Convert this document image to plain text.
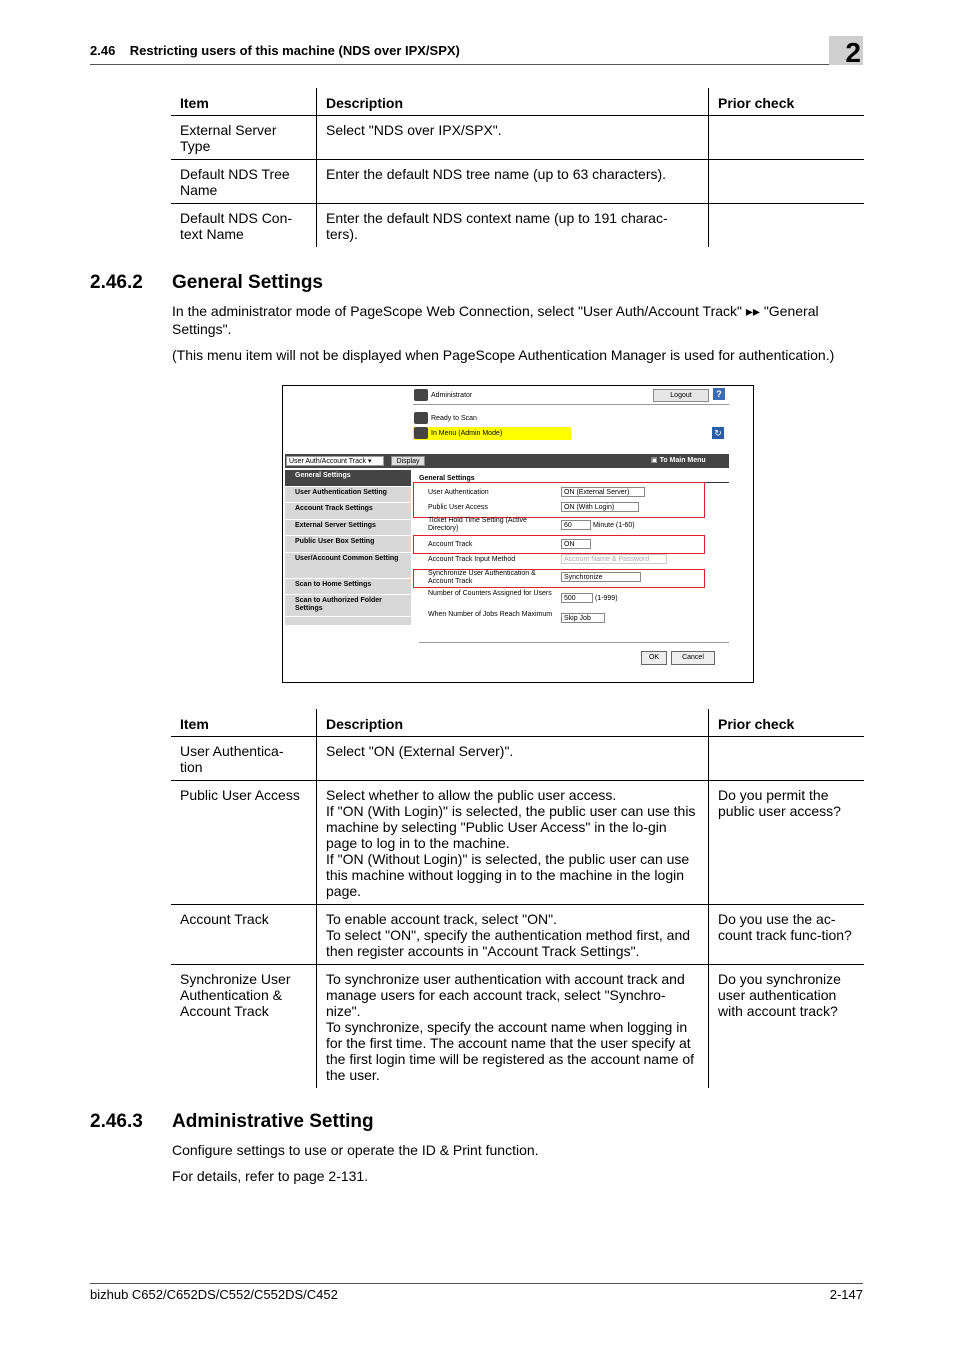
2.46    Restricting users of this machine (NDS over IPX/SPX)	2
Item	Description	Prior check
External Server Type	Select "NDS over IPX/SPX".	
Default NDS Tree Name	Enter the default NDS tree name (up to 63 characters).	
Default NDS Con-
text Name	Enter the default NDS context name (up to 191 charac-
ters).	
2.46.2 General Settings

In the administrator mode of PageScope Web Connection, select "User Auth/Account Track" ▸▸ "General Settings".

(This menu item will not be displayed when PageScope Authentication Manager is used for authentication.)

Administrator	Logout	?
Ready to Scan
In Menu (Admin Mode)	↻
User Auth/Account Track ▾	Display	▣ To Main Menu
General Settings
User Authentication Setting
Account Track Settings
External Server Settings
Public User Box Setting
User/Account Common Setting
Scan to Home Settings
Scan to Authorized Folder Settings
General Settings
User Authentication	ON (External Server)
Public User Access	ON (With Login)
Ticket Hold Time Setting (Active Directory)	60	Minute (1-60)
Account Track	ON
Account Track Input Method	Account Name & Password
Synchronize User Authentication & Account Track
Synchronize
Number of Counters Assigned for Users
500	(1-999)
When Number of Jobs Reach Maximum
Skip Job
OK	Cancel
Item	Description	Prior check
User Authentica-
tion	Select "ON (External Server)".	
Public User Access	Select whether to allow the public user access.
If "ON (With Login)" is selected, the public user can use this machine by selecting "Public User Access" in the lo-gin page to log in to the machine.
If "ON (Without Login)" is selected, the public user can use this machine without logging in to the machine in the login page.	Do you permit the public user access?
Account Track	To enable account track, select "ON".
To select "ON", specify the authentication method first, and then register accounts in "Account Track Settings".	Do you use the ac-count track func-tion?
Synchronize User Authentication & Account Track	To synchronize user authentication with account track and manage users for each account track, select "Synchro-nize".
To synchronize, specify the account name when logging in for the first time. The account name that the user specify at the first login time will be registered as the account name of the user.	Do you synchronize user authentication with account track?
2.46.3 Administrative Setting

Configure settings to use or operate the ID & Print function.

For details, refer to page 2-131.

bizhub C652/C652DS/C552/C552DS/C452	2-147
